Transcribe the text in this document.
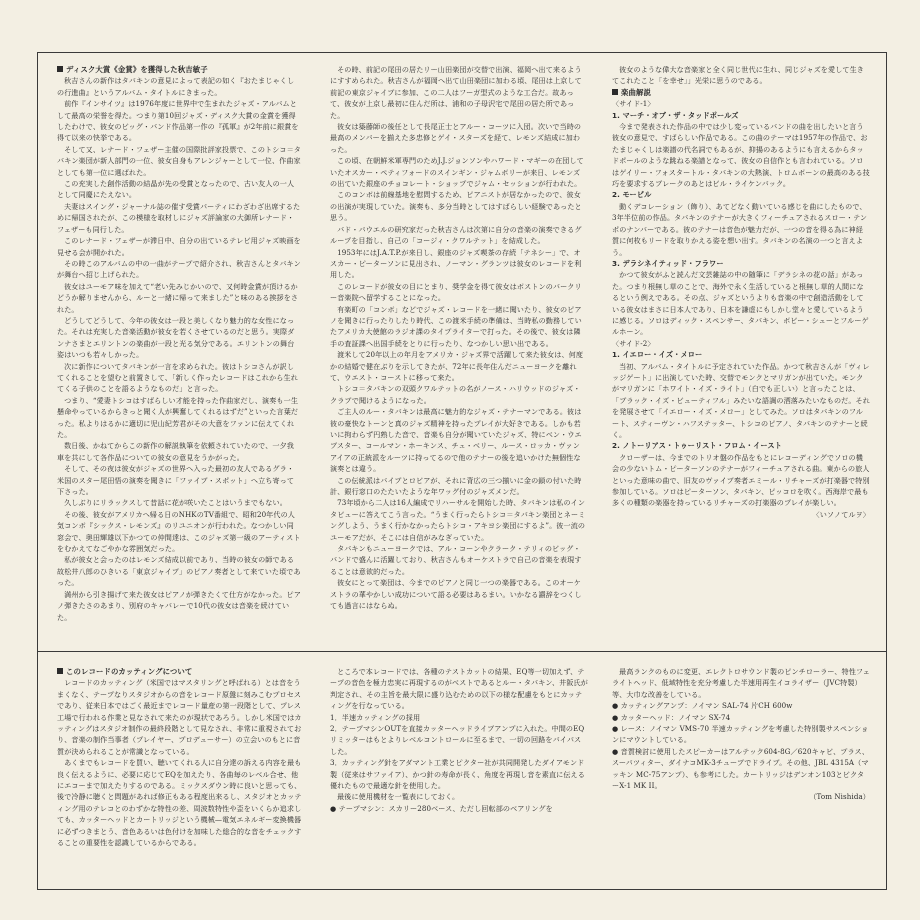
ディスク大賞《金賞》を獲得した秋吉敏子

秋吉さんの新作はタバキンの意見によって表記の如く『おたまじゃくしの行進曲』というアルバム・タイトルにきまった。

前作『インサイツ』は1976年度に世界中で生まれたジャズ・アルバムとして最高の栄誉を得た。つまり第10回ジャズ・ディスク大賞の金賞を獲得したわけで、彼女のビッグ・バンド作品第一作の『孤軍』が2年前に銀賞を得て以来の快挙である。

そして又、レナード・フェザー主催の国際批評家投票で、このトシコ＝タバキン楽団が新人部門の一位、彼女自身もアレンジャーとして一位、作曲家としても第一位に選ばれた。

この充実した創作活動の結晶が先の受賞となったので、古い友人の一人として同慶にたえない。

夫妻はスイング・ジャーナル誌の催す受賞パーティにわざわざ出席するために帰国されたが、この模様を取材しにジャズ評論家の大御所レナード・フェザーも同行した。

このレナード・フェザーが滞日中、自分の出ているテレビ用ジャズ映画を見せる会が開かれた。

その時このアルバムの中の一曲がテープで紹介され、秋吉さんとタバキンが舞台へ招じ上げられた。

彼女はユーモア味を加えて“老い先みじかいので、又何時金賞が頂けるかどうか解りませんから、ルーと一緒に帰って来ました”と味のある挨拶をされた。

どうしてどうして、今年の彼女は一段と美しくなり魅力的な女性になった。それは充実した音楽活動が彼女を若くさせているのだと思う。実際ダンナさまとエリントンの楽曲が一段と光る気分である。エリントンの舞台姿はいつも若々しかった。

次に新作についてタバキンが一言を求められた。彼はトシコさんが訳してくれることを望むと前置きして、「新しく作ったレコードはこれから生れてくる子供のことを語るようなものだ」と言った。

つまり、“愛妻トシコはすばらしい才能を持った作曲家だし、演奏も一生懸命やっているからきっと聞く人が興奮してくれるはずだ”といった言葉だった。私よりはるかに適切に児山紀芳君がその大意をファンに伝えてくれた。

数日後、かねてからこの新作の解説執筆を依頼されていたので、一夕我車を共にして各作品についての彼女の意見をうかがった。

そして、その夜は彼女がジャズの世界へ入った最初の友人であるグラ・米国のスター尾田悟の演奏を聞きに「ファイブ・スポット」へ立ち寄って下さった。

久しぶりにリラックスして昔話に花が咲いたことはいうまでもない。

その後、彼女がアメリカへ帰る日のNHKのTV番組で、昭和20年代の人気コンボ『シックス・レモンズ』のリユニオンが行われた。なつかしい同窓会で、奥田輝雄以下かつての仲間達は、このジャズ第一級のアーティストをむかえてなごやかな雰囲気だった。

私が彼女と会ったのはレモンズ結成以前であり、当時の彼女の師である故松井八郎のひきいる「東京ジャイブ」のピアノ奏者として来ていた頃であった。

満州から引き揚げて来た彼女はピアノが弾きたくて仕方がなかった。ピアノ弾きたさのあまり、別府のキャバレーで10代の彼女は音楽を続けていた。

その時、前記の尾田の居たリー山田楽団が交替で出演、福岡へ出て来るようにすすめられた。秋吉さんが福岡へ出て山田楽団に加わる頃、尾田は上京して前記の東京ジャイブに参加、この二人はフーガ型式のような工合だ。故あって、彼女が上京し最初に住んだ所は、浦和の子母沢宅で尾田の居た所であった。

彼女は築藤師の後任として長尾正士とアルー・コーツに入団。次いで当時の最高のメンバーを揃えた多忠修とゲイ・スターズを経て、レモンズ結成に加わった。

この頃、在朝鮮米軍専門のためJ.J.ジョンソンやハワード・マギーの在団していたオスカー・ペティフォードのスインギン・ジャムボリーが来日、レモンズの出ていた銀座のチョコレート・ショップでジャム・セッションが行われた。

このコンボは前線基地を慰問するため、ピアニストが居なかったので、彼女の出演が実現していた。演奏も、多分当時としてはすばらしい経験であったと思う。

バド・パウエルの研究家だった秋吉さんは次第に自分の音楽の演奏できるグループを目指し、自己の「コージィ・クワルテット」を結成した。

1953年にはJ.A.T.P.が来日し、銀座のジャズ喫茶の存続「テネシー」で、オスカー・ピーターソンに見出され、ノーマン・グランツは彼女のレコードを利用した。

このレコードが彼女の目にとまり、奨学金を得て彼女はボストンのバークリー音楽院へ留学することになった。

有楽町の「コンボ」などでジャズ・レコードを一緒に聞いたり、彼女のピアノを聞きに行ったりしたり時代、この渡米手続の準備は、当時私の勤務していたアメリカ大使館のラジオ課のタイプライターで打った。その後で、彼女は隣手の査証課へ出国手続をとりに行ったり、なつかしい思い出である。

渡米して20年以上の年月をアメリカ・ジャズ界で活躍して来た彼女は、何度かの結婚で健在ぶりを示してきたが、72年に長年住んだニューヨークを離れて、ウエスト・コーストに移って来た。

トシコ＝タバキンの双頭クワルテットの名がノース・ハリウッドのジャズ・クラブで聞けるようになった。

ご主人のルー・タバキンは最高に魅力的なジャズ・テナーマンである。彼は彼の豪快なトーンと真のジャズ精神を持ったプレイが大好きである。しかも若いに拘わらず円熟した音で、音楽も自分が聞いていたジャズ、特にベン・ウエブスター、コールマン・ホーキンス、チュ・ベリー、ルース・ロッカ・ヴァンアイアの正統派をルーツに持ってるので他のテナーの後を追いかけた無個性な演奏とは違う。

この伝統派はバイブとロビアが、それに背広の三つ揃いに金の鎖の付いた時計、銀行窓口のたたいたような年ワッグ付のジャズメンだ。

73年頃から二人は16人編成でリハーサルを開始した時、タバキンは私のインタビューに答えてこう言った。“うまく行ったらトシコ＝タバキン楽団とネーミングしよう、うまく行かなかったらトシコ・アキヨシ楽団にするよ”。彼一流のユーモアだが、そこには自信がみなぎっていた。

タバキンもニューヨークでは、アル・コーンやクラーク・テリィのビッグ・バンドで盛んに活躍しており、秋吉さんもオーケストラで自己の音楽を表現することは意欲的だった。

彼女にとって楽団は、今までのピアノと同じ一つの楽器である。このオーケストラの華やかしい成功について語る必要はあるまい。いかなる讃辞をつくしても過言にはならぬ。

彼女のような偉大な音楽家と全く同じ世代に生れ、同じジャズを愛して生きてこれたこと「を幸せ」」光栄に思うのである。

楽曲解説

〈サイド-1〉

1. マーチ・オブ・ザ・タッドポールズ

今まで発表された作品の中では少し変っているバンドの曲を出したいと言う彼女の意見で、すばらしい作品である。この曲のテーマは1957年の作品で、おたまじゃくしは楽譜の代名詞でもあるが、抑揚のあるようにも言えるからタッドポールのような跳ねる楽譜となって、彼女の自信作とも言われている。ソロはゲイリー・フォスタートル・タバキンの大熱演、トロムボーンの最高のある技巧を要求するブレークのあとはビル・ライケンバック。

2. モービル

動くデコレーション（飾り）、あてどなく動いている感じを曲にしたもので、3年半位前の作品。タバキンのテナーが大きくフィーチュアされるスロー・テンポのナンバーである。彼のテナーは音色が魅力だが、一つの音を得る為に神経質に何枚もリードを取りかえる姿を想い出す。タバキンの名演の一つと言えよう。

3. デラシネイティッド・フラワー

かつて彼女がふと読んだ文芸雑誌の中の随筆に「デラシネの花の話」があった。つまり根無し草のことで、海外で永く生活していると根無し草的人間になるという例えである。その点、ジャズというよりも音楽の中で創造活動をしている彼女はまさに日本人であり、日本を謙虚にもしかし堂々と愛しているように感じる。ソロはディック・スペンサー、タバキン、ボビー・シューとフルーゲルホーン。

〈サイド-2〉

1. イエロー・イズ・メロー

当初、アルバム・タイトルに予定されていた作品。かつて秋吉さんが「ヴィレッジゲート」に出演していた時、交替でモンクとマリガンが出ていた。モンクがマリガンに「ホワイト・イズ・ライト」（白でも正しい）と言ったことは、「ブラック・イズ・ビューティフル」みたいな語調の洒落みたいなものだ。それを発展させて「イエロー・イズ・メロー」としてみた。ソロはタバキンのフルート、スティーヴン・ハフステッター、トシコのピアノ、タバキンのテナーと続く。

2. ノトーリアス・トゥーリスト・フロム・イースト

クローザーは、今までのトリオ盤の作品をもとにレコーディングでソロの機会の少ないトム・ピーターソンのテナーがフィーチュアされる曲。東からの旅人といった意味の曲で、旧友のヴァイブ奏者エミール・リチャーズが打楽器で特別参加している。ソロはピーターソン、タバキン、ピッコロを吹く。西海岸で最も多くの種類の楽器を持っているリチャーズの打楽器のプレイが楽しい。

〈いソノてルヲ〉

このレコードのカッティングについて

レコードのカッティング（米国ではマスタリングと呼ばれる）とは音をうまくなく、テープなりスタジオからの音をレコード原盤に刻みこむプロセスであり、従来日本ではごく最近までレコード量産の第一段階として、プレス工場で行われる作業と見なされて来たのが現状であろう。しかし米国ではカッティングはスタジオ制作の最終段階として見なされ、非常に重視されており、音楽の制作当事者（プレイヤー、プロデューサー）の立会いのもとに音質が決められることが常識となっている。

あくまでもレコードを買い、聴いてくれる人に自分達の訴える内容を最も良く伝えるように、必要に応じてEQを加えたり、各曲毎のレベル合せ、他にエコーまで加えたりするのである。ミックスダウン時に良いと思っても、後で冷静に聴くと問題があれば修正もある程度出来るし、スタジオとカッティング用のテレコとのわずかな特性の差、周波数特性や歪をいくらか追求しても、カッターヘッドとカートリッジという機械—電気エネルギー変換機器に必ずつきまとう、音色あるいは色付けを加味した総合的な音をチェックすることの重要性を認識しているからである。

ところで本レコードでは、各種のテストカットの結果、EQ等一切加えず、テープの音色を極力忠実に再現するのがベストであるとルー・タバキン、井阪氏が判定され、その主旨を最大限に盛り込むための以下の様な配慮をもとにカッティングを行なっている。

1．半速カッティングの採用
2．テープマシンOUTを直接カッターヘッドライブアンプに入れた。中間のEQリミッターはもとよりレベルコントロールに至るまで、一切の回路をバイパスした。
3．カッティング針をアダマント工業とピクター社が共同開発したダイアモンド製（従来はサファイア）、かつ針の寿命が長く、角度を再現し音を素直に伝える優れたもので最適な針を使用した。

最後に使用機材を一覧表にしておく。

● テープマシン：スカリー280ベース、ただし回転部のベアリングを

最高ランクのものに変更、エレクトロサウンド製のピンチローラー、特性フェライトヘッド、低域特性を充分考慮した半速用再生イコライザー（JVC特製）等、大巾な改善をしている。

● カッティングアンプ：ノイマン SAL-74 片CH 600w

● カッターヘッド：ノイマン SX-74

● レース：ノイマン VMS-70 半速カッティングを考慮した特別製サスペンションにマウントしている。

● 音質検討に使用したスピーカーはアルテック604-8G／620キャビ、プラス、スーパツィター、ダイナコMK-3チューブでドライブ。その他、JBL 4315A（マッキン MC-75アンプ）、も参考にした。カートリッジはデンオン103とビクターX-1 MK II。

（Tom Nishida）
